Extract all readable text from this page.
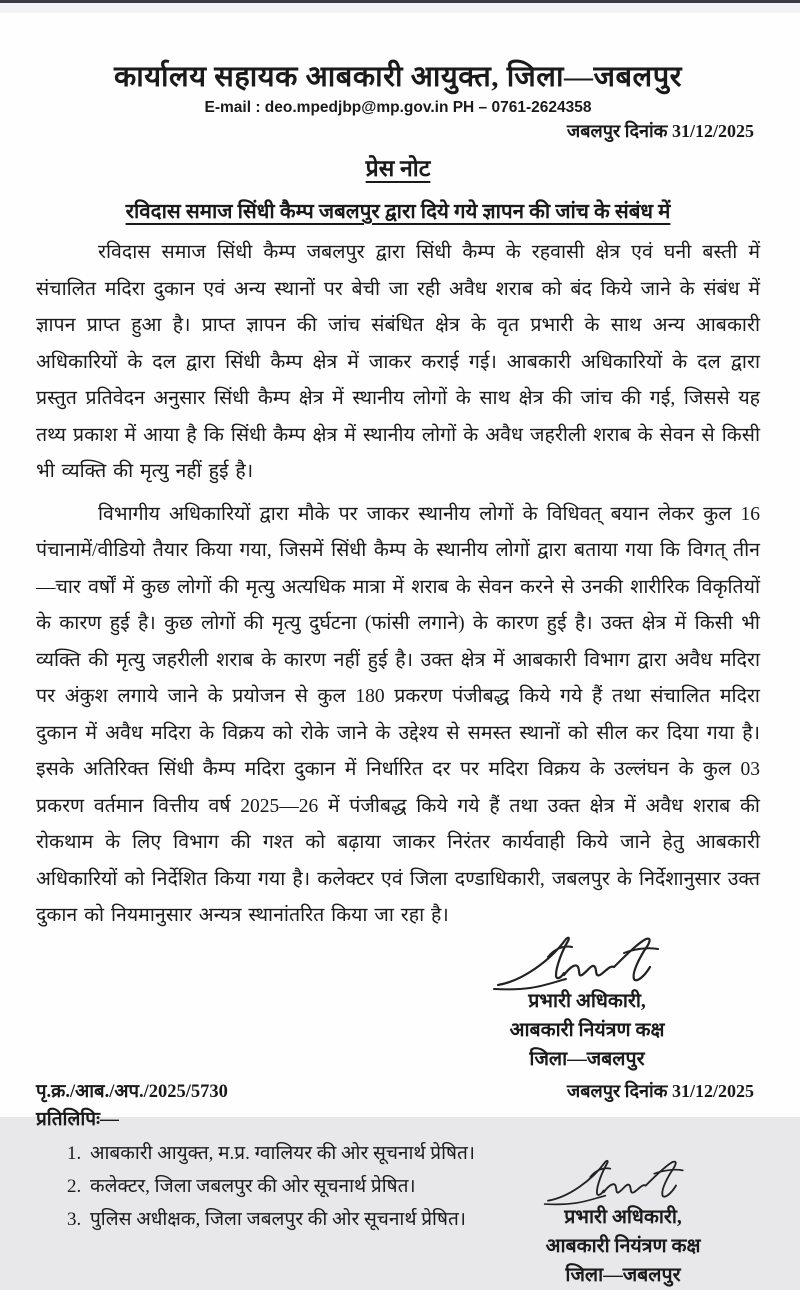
कार्यालय सहायक आबकारी आयुक्त, जिला—जबलपुर
E-mail : deo.mpedjbp@mp.gov.in PH – 0761-2624358
जबलपुर दिनांक 31/12/2025
प्रेस नोट
रविदास समाज सिंधी कैम्प जबलपुर द्वारा दिये गये ज्ञापन की जांच के संबंध में

रविदास समाज सिंधी कैम्प जबलपुर द्वारा सिंधी कैम्प के रहवासी क्षेत्र एवं घनी बस्ती में संचालित मदिरा दुकान एवं अन्य स्थानों पर बेची जा रही अवैध शराब को बंद किये जाने के संबंध में ज्ञापन प्राप्त हुआ है। प्राप्त ज्ञापन की जांच संबंधित क्षेत्र के वृत प्रभारी के साथ अन्य आबकारी अधिकारियों के दल द्वारा सिंधी कैम्प क्षेत्र में जाकर कराई गई। आबकारी अधिकारियों के दल द्वारा प्रस्तुत प्रतिवेदन अनुसार सिंधी कैम्प क्षेत्र में स्थानीय लोगों के साथ क्षेत्र की जांच की गई, जिससे यह तथ्य प्रकाश में आया है कि सिंधी कैम्प क्षेत्र में स्थानीय लोगों के अवैध जहरीली शराब के सेवन से किसी भी व्यक्ति की मृत्यु नहीं हुई है।

विभागीय अधिकारियों द्वारा मौके पर जाकर स्थानीय लोगों के विधिवत् बयान लेकर कुल 16 पंचानामें/वीडियो तैयार किया गया, जिसमें सिंधी कैम्प के स्थानीय लोगों द्वारा बताया गया कि विगत् तीन—चार वर्षों में कुछ लोगों की मृत्यु अत्यधिक मात्रा में शराब के सेवन करने से उनकी शारीरिक विकृतियों के कारण हुई है। कुछ लोगों की मृत्यु दुर्घटना (फांसी लगाने) के कारण हुई है। उक्त क्षेत्र में किसी भी व्यक्ति की मृत्यु जहरीली शराब के कारण नहीं हुई है। उक्त क्षेत्र में आबकारी विभाग द्वारा अवैध मदिरा पर अंकुश लगाये जाने के प्रयोजन से कुल 180 प्रकरण पंजीबद्ध किये गये हैं तथा संचालित मदिरा दुकान में अवैध मदिरा के विक्रय को रोके जाने के उद्देश्य से समस्त स्थानों को सील कर दिया गया है। इसके अतिरिक्त सिंधी कैम्प मदिरा दुकान में निर्धारित दर पर मदिरा विक्रय के उल्लंघन के कुल 03 प्रकरण वर्तमान वित्तीय वर्ष 2025—26 में पंजीबद्ध किये गये हैं तथा उक्त क्षेत्र में अवैध शराब की रोकथाम के लिए विभाग की गश्त को बढ़ाया जाकर निरंतर कार्यवाही किये जाने हेतु आबकारी अधिकारियों को निर्देशित किया गया है। कलेक्टर एवं जिला दण्डाधिकारी, जबलपुर के निर्देशानुसार उक्त दुकान को नियमानुसार अन्यत्र स्थानांतरित किया जा रहा है।

प्रभारी अधिकारी,
आबकारी नियंत्रण कक्ष
जिला—जबलपुर
पृ.क्र./आब./अप./2025/5730	जबलपुर दिनांक 31/12/2025
प्रतिलिपिः—
1. आबकारी आयुक्त, म.प्र. ग्वालियर की ओर सूचनार्थ प्रेषित।
2. कलेक्टर, जिला जबलपुर की ओर सूचनार्थ प्रेषित।
3. पुलिस अधीक्षक, जिला जबलपुर की ओर सूचनार्थ प्रेषित।	प्रभारी अधिकारी,
आबकारी नियंत्रण कक्ष
जिला—जबलपुर
